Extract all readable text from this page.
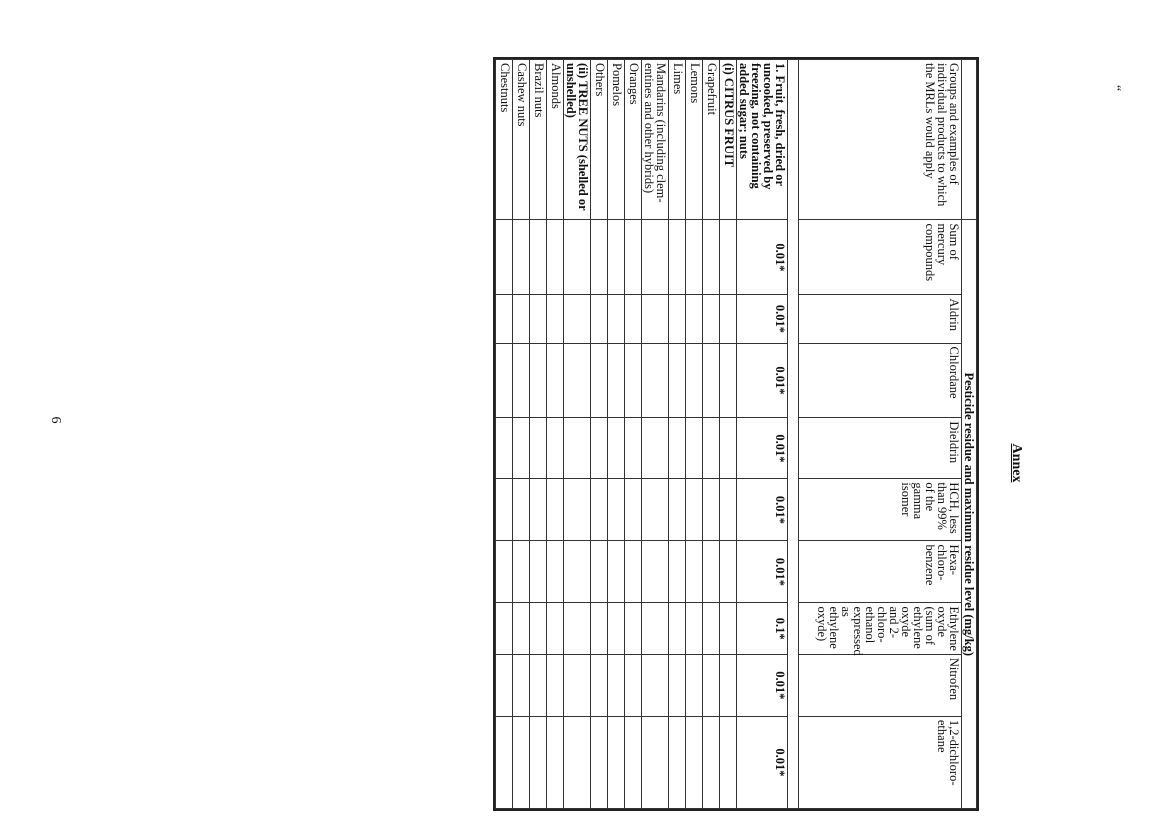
“
Annex
	Pesticide residue and maximum residue level (mg/kg)								
Groups and examples of individual products to which the MRLs would apply	Sum of mercury compounds	Aldrin	Chlordane	Dieldrin	HCH, less than 99% of the gamma isomer	Hexa-chloro-benzene	Ethylene oxyde (sum of ethylene oxyde and 2-chloro-ethanol expressed as ethylene oxyde)	Nitrofen	1,2-dichloro-ethane

1. Fruit, fresh, dried or uncooked, preserved by freezing, not containing added sugar; nuts	0.01*	0.01*	0.01*	0.01*	0.01*	0.01*	0.1*	0.01*	0.01*
(i) CITRUS FRUIT									
Grapefruit									
Lemons									
Limes									
Mandarins (including clem-entines and other hybrids)									
Oranges									
Pomelos									
Others									
(ii) TREE NUTS (shelled or unshelled)									
Almonds									
Brazil nuts									
Cashew nuts									
Chestnuts									
6
